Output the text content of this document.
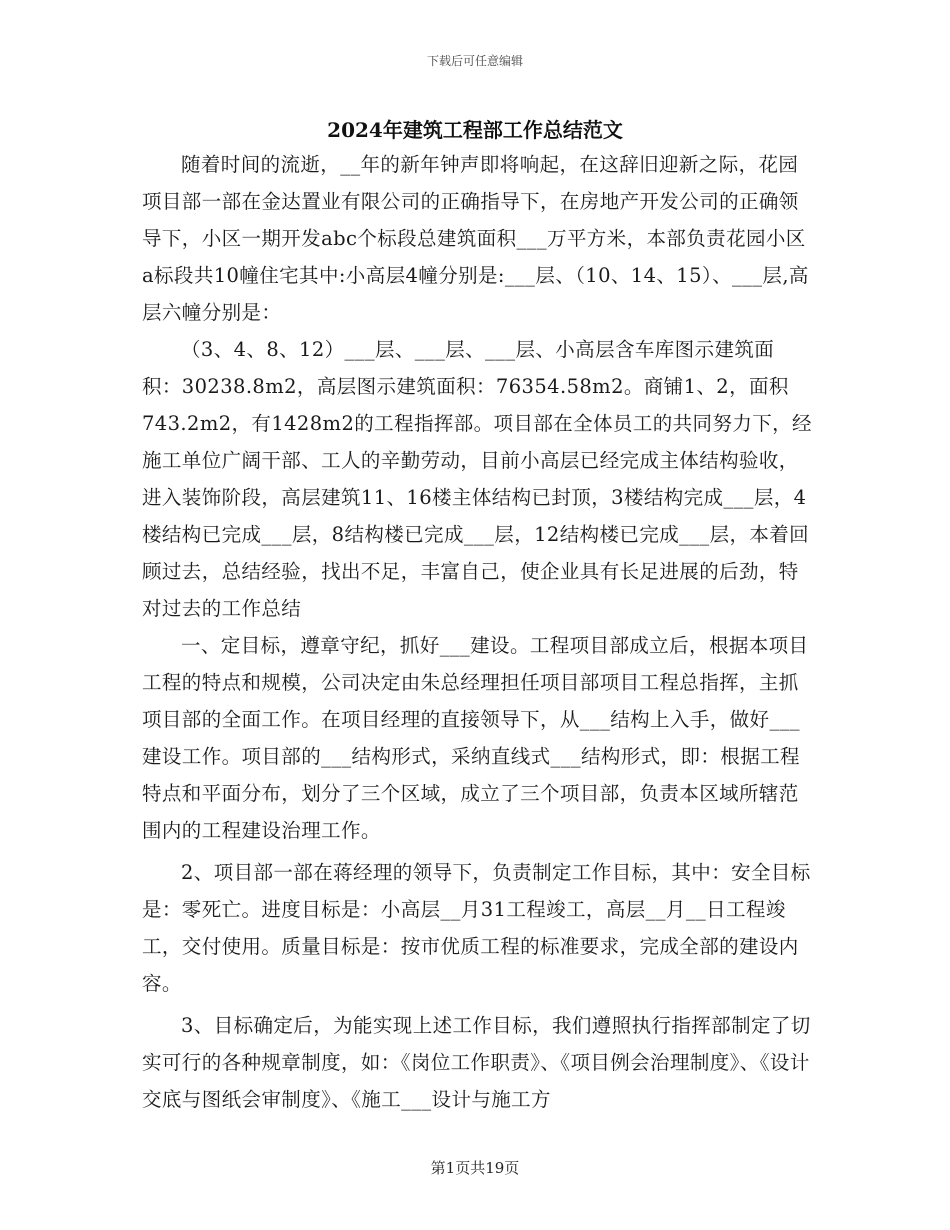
下载后可任意编辑
2024年建筑工程部工作总结范文

随着时间的流逝，__年的新年钟声即将响起，在这辞旧迎新之际，花园项目部一部在金达置业有限公司的正确指导下，在房地产开发公司的正确领导下，小区一期开发abc个标段总建筑面积___万平方米，本部负责花园小区a标段共10幢住宅其中:小高层4幢分别是:___层、（10、14、15）、___层,高层六幢分别是：

（3、4、8、12）___层、___层、___层、小高层含车库图示建筑面积：30238.8m2，高层图示建筑面积：76354.58m2。商铺1、2，面积743.2m2，有1428m2的工程指挥部。项目部在全体员工的共同努力下，经施工单位广阔干部、工人的辛勤劳动，目前小高层已经完成主体结构验收，进入装饰阶段，高层建筑11、16楼主体结构已封顶，3楼结构完成___层，4楼结构已完成___层，8结构楼已完成___层，12结构楼已完成___层，本着回顾过去，总结经验，找出不足，丰富自己，使企业具有长足进展的后劲，特对过去的工作总结

一、定目标，遵章守纪，抓好___建设。工程项目部成立后，根据本项目工程的特点和规模，公司决定由朱总经理担任项目部项目工程总指挥，主抓项目部的全面工作。在项目经理的直接领导下，从___结构上入手，做好___建设工作。项目部的___结构形式，采纳直线式___结构形式，即：根据工程特点和平面分布，划分了三个区域，成立了三个项目部，负责本区域所辖范围内的工程建设治理工作。

2、项目部一部在蒋经理的领导下，负责制定工作目标，其中：安全目标是：零死亡。进度目标是：小高层__月31工程竣工，高层__月__日工程竣工，交付使用。质量目标是：按市优质工程的标准要求，完成全部的建设内容。

3、目标确定后，为能实现上述工作目标，我们遵照执行指挥部制定了切实可行的各种规章制度，如：《岗位工作职责》、《项目例会治理制度》、《设计交底与图纸会审制度》、《施工___设计与施工方

第1页共19页
